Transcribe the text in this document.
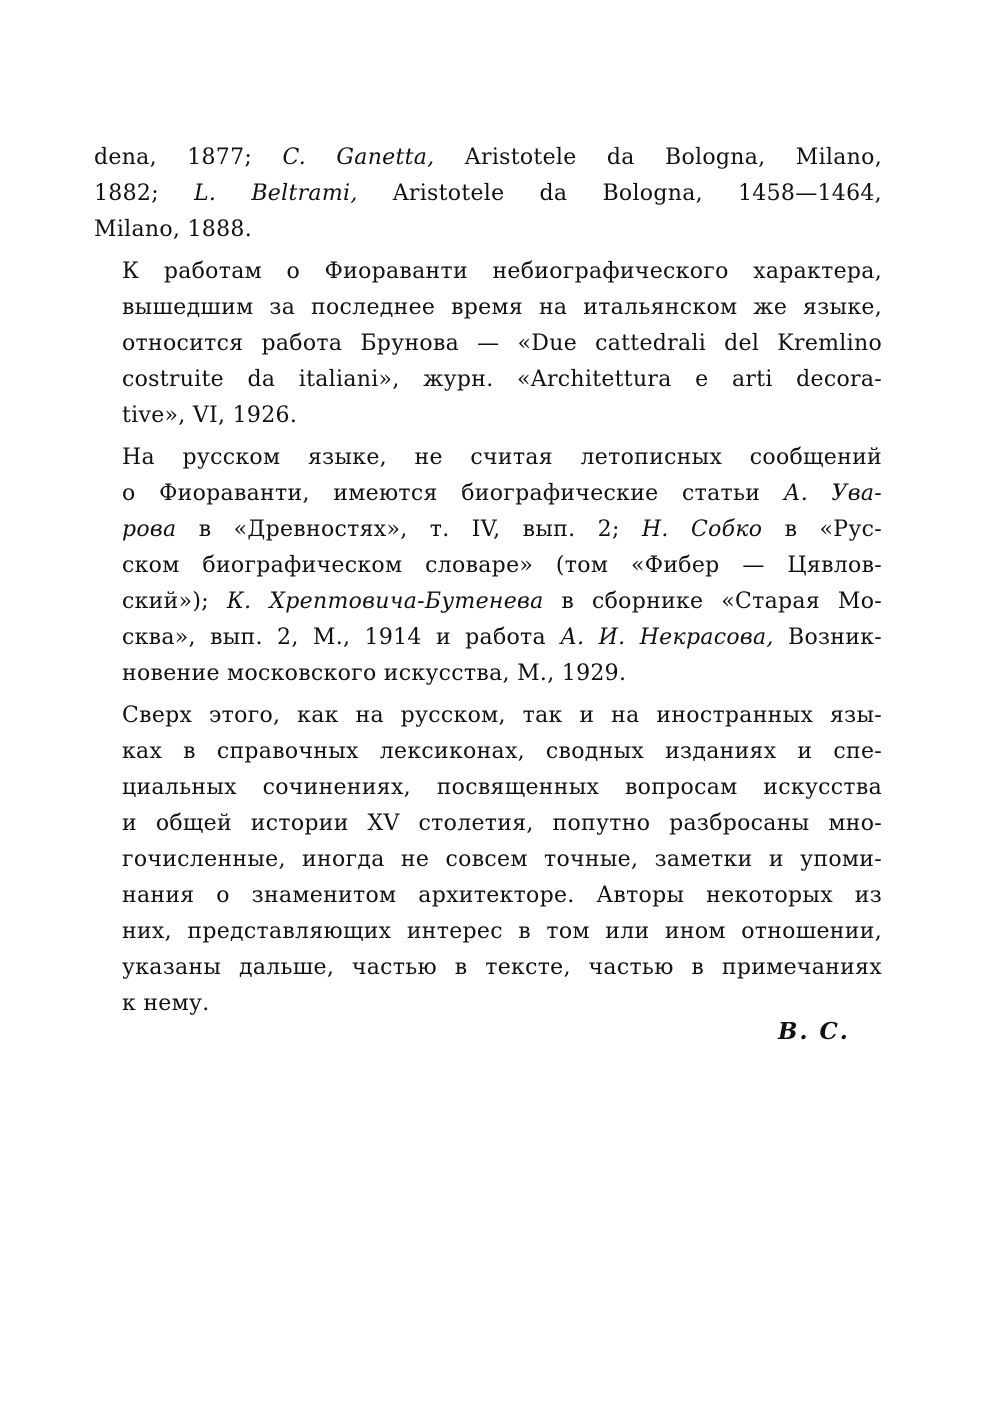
dena, 1877; C. Ganetta, Aristotele da Bologna, Milano,
1882; L. Beltrami, Aristotele da Bologna, 1458—1464,
Milano, 1888.

К работам о Фиораванти небиографического характера,
вышедшим за последнее время на итальянском же языке,
относится работа Брунова — «Due cattedrali del Kremlino
costruite da italiani», журн. «Architettura e arti decora-
tive», VI, 1926.

На русском языке, не считая летописных сообщений
о Фиораванти, имеются биографические статьи А. Ува-
рова в «Древностях», т. IV, вып. 2; Н. Собко в «Рус-
ском биографическом словаре» (том «Фибер — Цявлов-
ский»); К. Хрептовича-Бутенева в сборнике «Старая Мо-
сква», вып. 2, М., 1914 и работа А. И. Некрасова, Возник-
новение московского искусства, М., 1929.

Сверх этого, как на русском, так и на иностранных язы-
ках в справочных лексиконах, сводных изданиях и спе-
циальных сочинениях, посвященных вопросам искусства
и общей истории XV столетия, попутно разбросаны мно-
гочисленные, иногда не совсем точные, заметки и упоми-
нания о знаменитом архитекторе. Авторы некоторых из
них, представляющих интерес в том или ином отношении,
указаны дальше, частью в тексте, частью в примечаниях
к нему.

В. С.
